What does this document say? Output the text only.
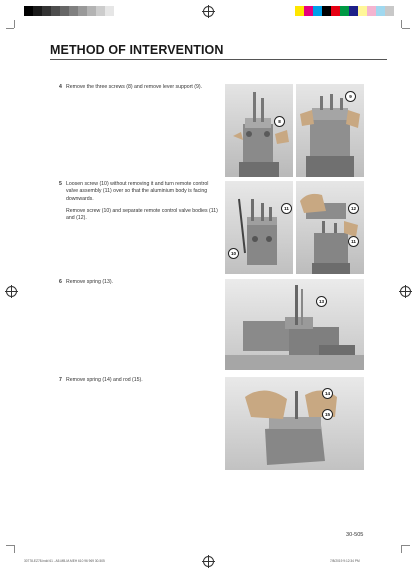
METHOD OF INTERVENTION
4 Remove the three screws (8) and remove lever support (9).
5 Loosen screw (10) without removing it and turn remote control valve assembly (11) over so that the aluminium body is facing downwards.
Remove screw (10) and separate remote control valve bodies (11) and (12).
6 Remove spring (13).
7 Remove spring (14) and rod (15).
8
9
11
10
12
11
13
14
15
30-505
30778-EZ78.indd 61 - A5-MB-M-MEH 610 96 969 30-505	7/8/2019 9:12:34 PM
